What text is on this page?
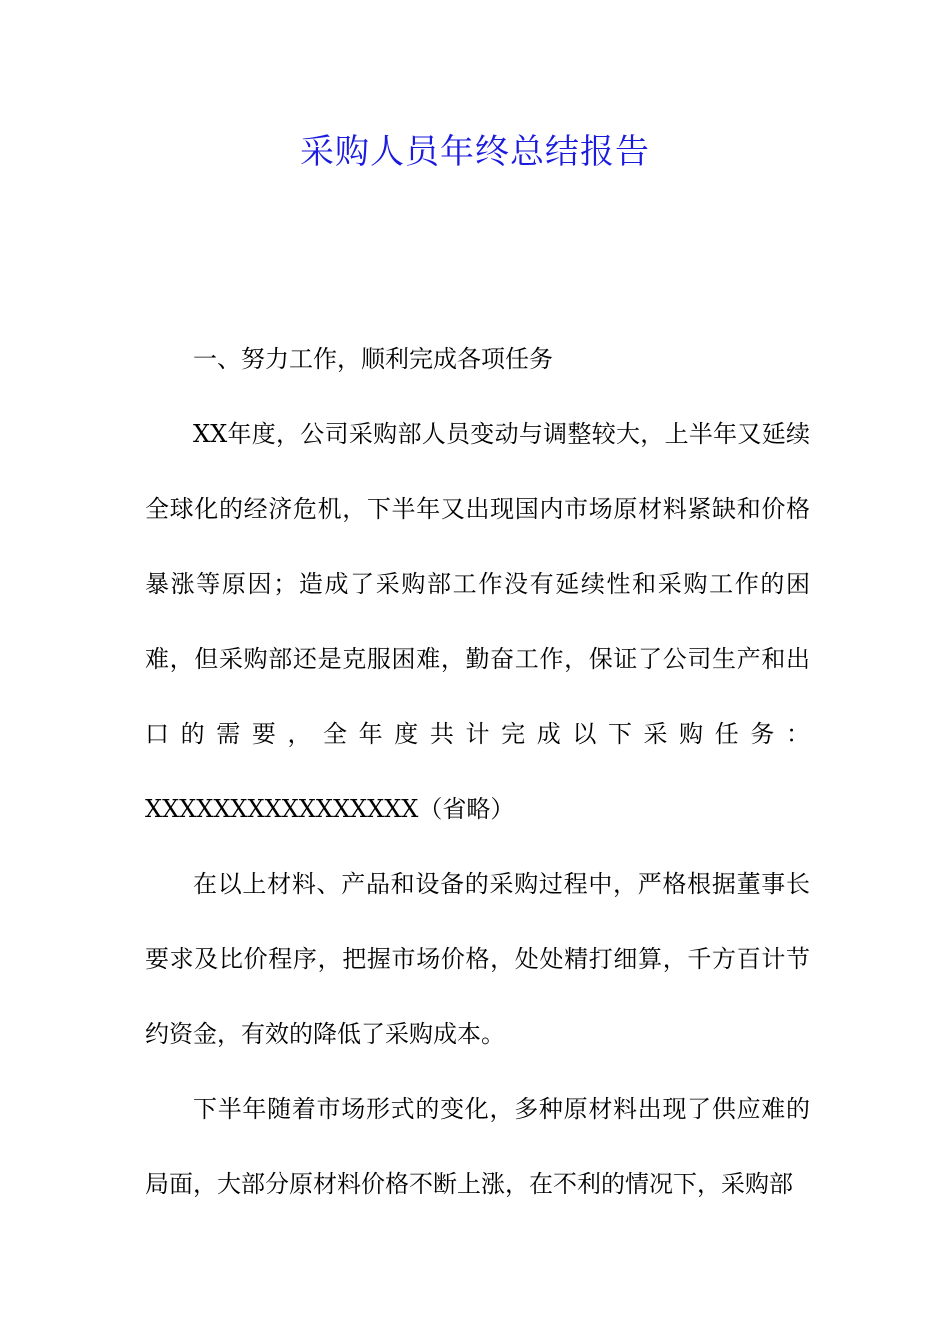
采购人员年终总结报告
一、努力工作，顺利完成各项任务

XX年度，公司采购部人员变动与调整较大，上半年又延续全球化的经济危机，下半年又出现国内市场原材料紧缺和价格暴涨等原因；造成了采购部工作没有延续性和采购工作的困难，但采购部还是克服困难，勤奋工作，保证了公司生产和出口的需要，全年度共计完成以下采购任务：XXXXXXXXXXXXXXXX（省略）

在以上材料、产品和设备的采购过程中，严格根据董事长要求及比价程序，把握市场价格，处处精打细算，千方百计节约资金，有效的降低了采购成本。

下半年随着市场形式的变化，多种原材料出现了供应难的局面，大部分原材料价格不断上涨，在不利的情况下，采购部
